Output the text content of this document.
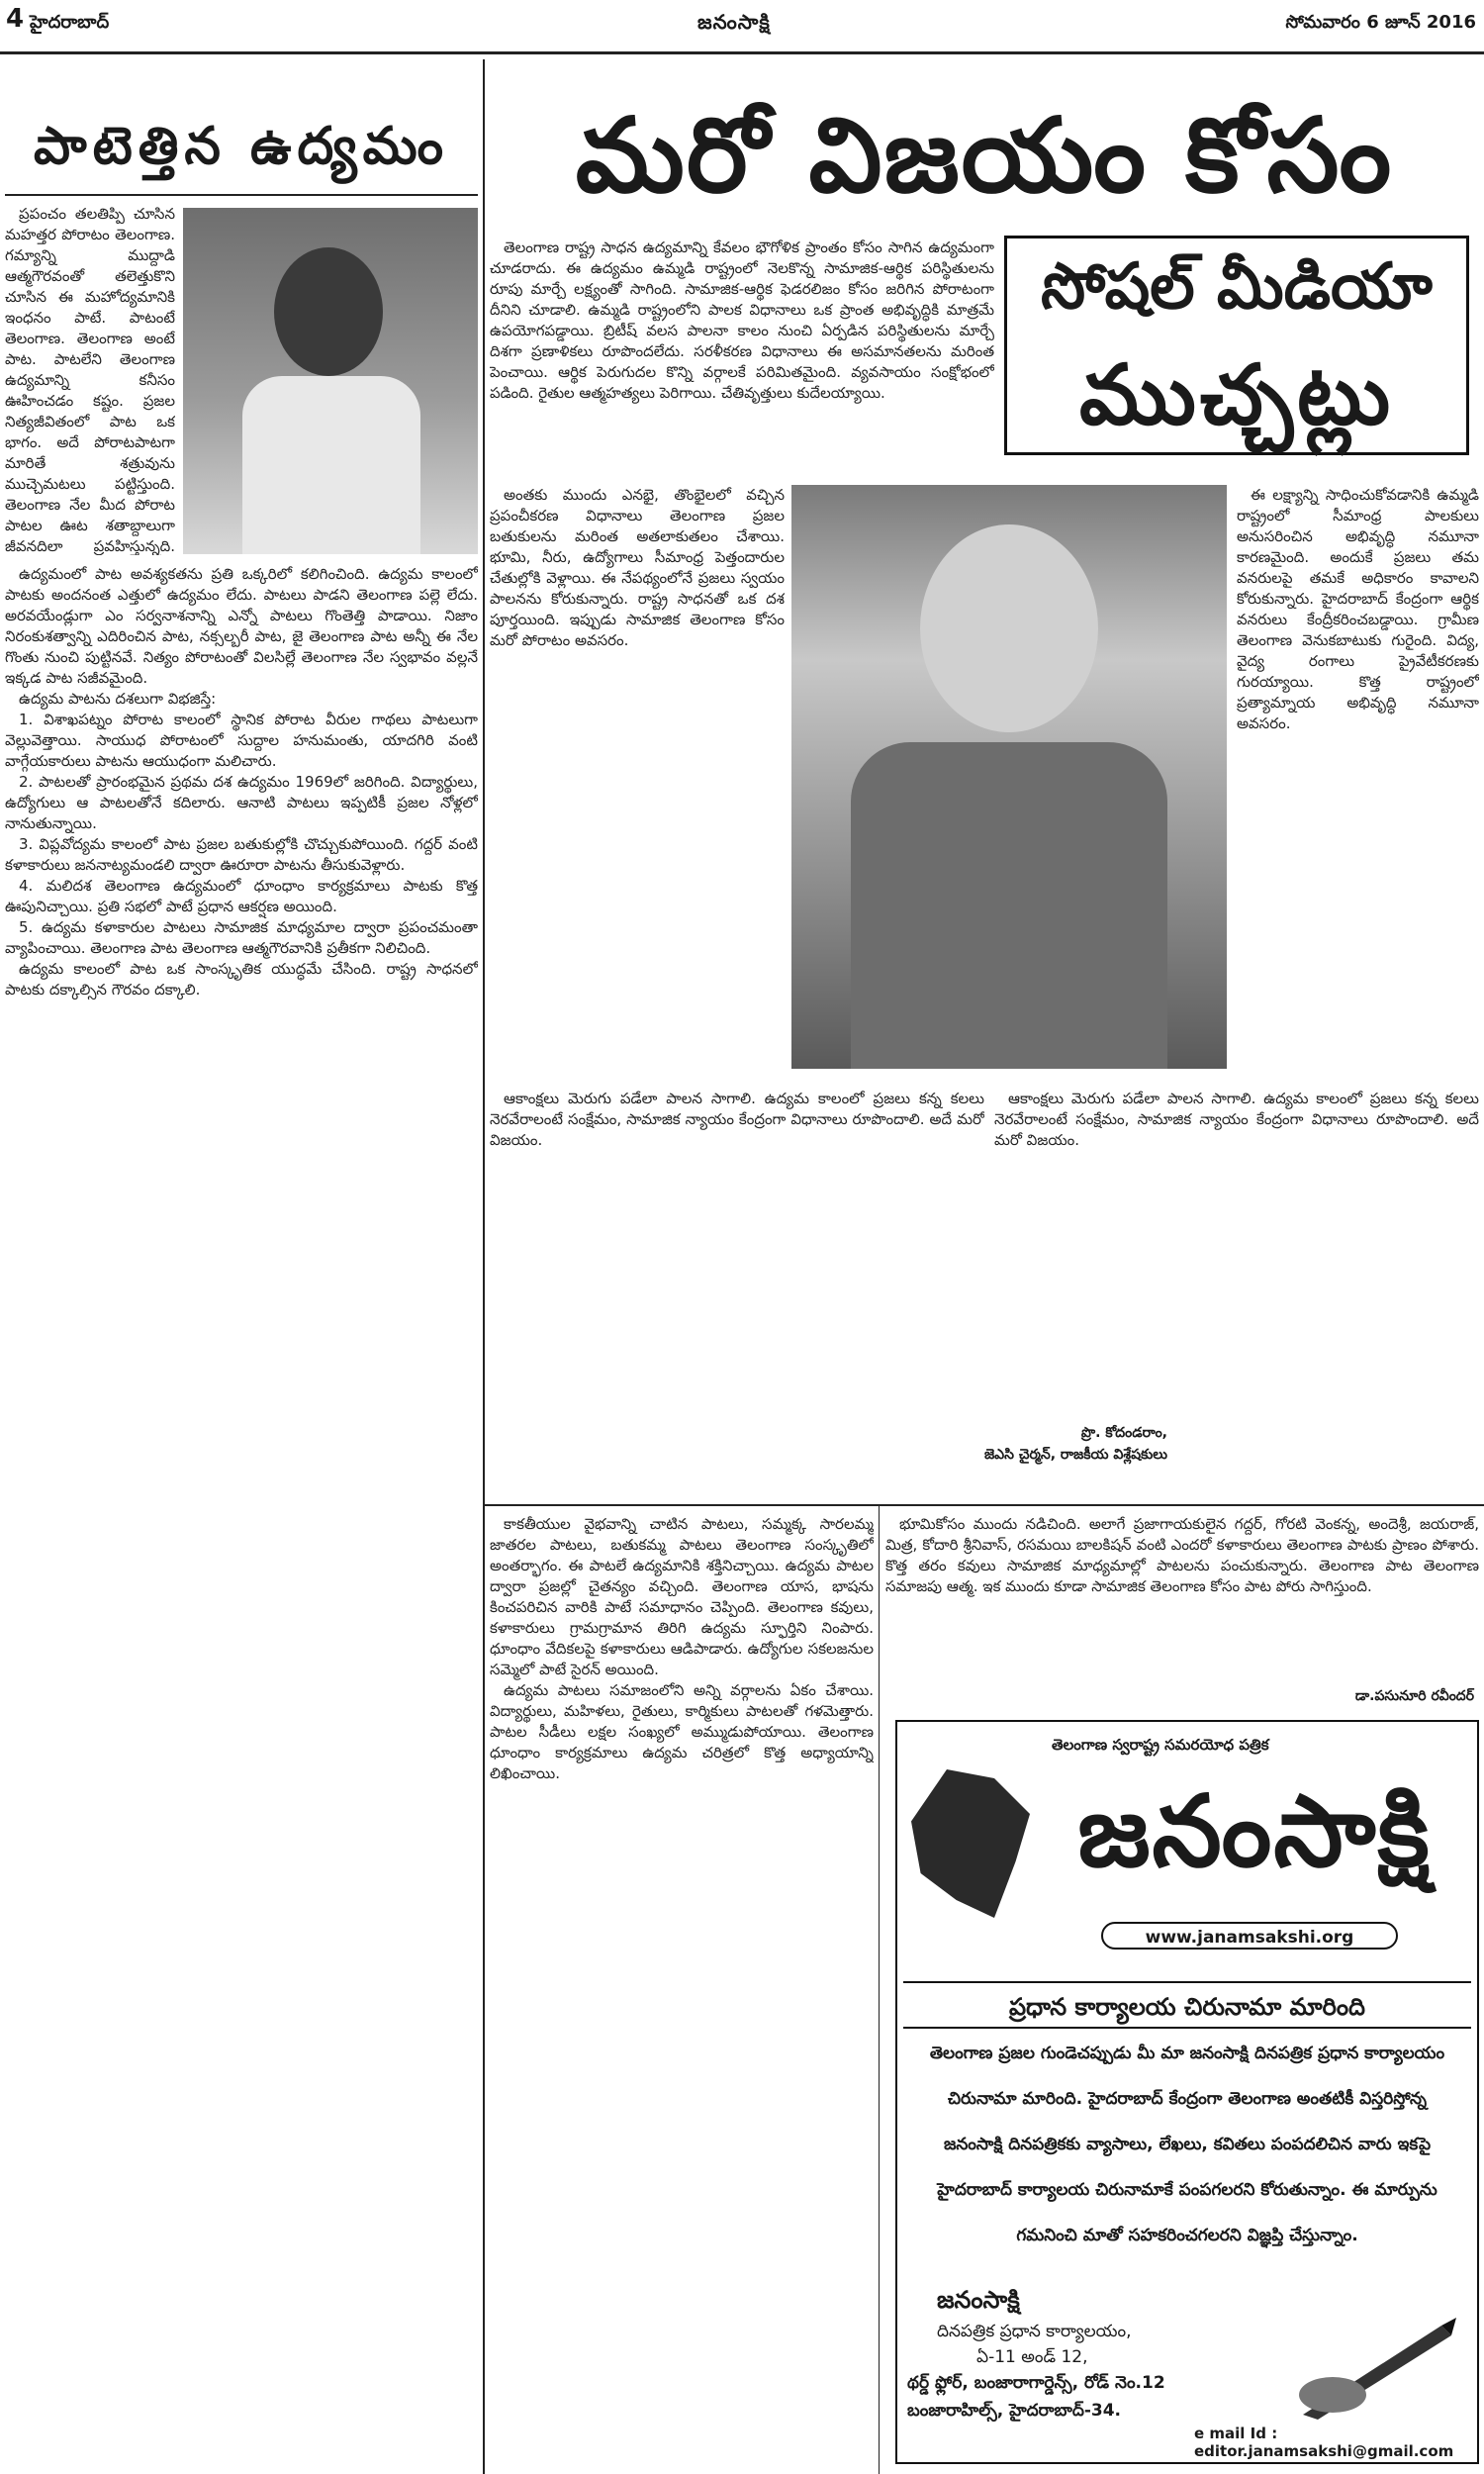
4 హైదరాబాద్	జనంసాక్షి	సోమవారం 6 జూన్ 2016
పాటెత్తిన ఉద్యమం

ప్రపంచం తలతిప్పి చూసిన మహత్తర పోరాటం తెలంగాణ. గమ్యాన్ని ముద్దాడి ఆత్మగౌరవంతో తలెత్తుకొని చూసిన ఈ మహోద్యమానికి ఇంధనం పాటే. పాటంటే తెలంగాణ. తెలంగాణ అంటే పాట. పాటలేని తెలంగాణ ఉద్యమాన్ని కనీసం ఊహించడం కష్టం. ప్రజల నిత్యజీవితంలో పాట ఒక భాగం. అదే పోరాటపాటగా మారితే శత్రువును ముచ్చెమటలు పట్టిస్తుంది. తెలంగాణ నేల మీద పోరాట పాటల ఊట శతాబ్దాలుగా జీవనదిలా ప్రవహిస్తున్నది.

ఉద్యమంలో పాట అవశ్యకతను ప్రతి ఒక్కరిలో కలిగించింది. ఉద్యమ కాలంలో పాటకు అందనంత ఎత్తులో ఉద్యమం లేదు. పాటలు పాడని తెలంగాణ పల్లె లేదు. అరవయేండ్లుగా ఎం సర్వనాశనాన్ని ఎన్నో పాటలు గొంతెత్తి పాడాయి. నిజాం నిరంకుశత్వాన్ని ఎదిరించిన పాట, నక్సల్బరీ పాట, జై తెలంగాణ పాట అన్నీ ఈ నేల గొంతు నుంచి పుట్టినవే. నిత్యం పోరాటంతో విలసిల్లే తెలంగాణ నేల స్వభావం వల్లనే ఇక్కడ పాట సజీవమైంది.

ఉద్యమ పాటను దశలుగా విభజిస్తే:

1. విశాఖపట్నం పోరాట కాలంలో స్థానిక పోరాట వీరుల గాథలు పాటలుగా వెల్లువెత్తాయి. సాయుధ పోరాటంలో సుద్దాల హనుమంతు, యాదగిరి వంటి వాగ్గేయకారులు పాటను ఆయుధంగా మలిచారు.

2. పాటలతో ప్రారంభమైన ప్రథమ దశ ఉద్యమం 1969లో జరిగింది. విద్యార్థులు, ఉద్యోగులు ఆ పాటలతోనే కదిలారు. ఆనాటి పాటలు ఇప్పటికీ ప్రజల నోళ్లలో నానుతున్నాయి.

3. విప్లవోద్యమ కాలంలో పాట ప్రజల బతుకుల్లోకి చొచ్చుకుపోయింది. గద్దర్ వంటి కళాకారులు జననాట్యమండలి ద్వారా ఊరూరా పాటను తీసుకువెళ్లారు.

4. మలిదశ తెలంగాణ ఉద్యమంలో ధూంధాం కార్యక్రమాలు పాటకు కొత్త ఊపునిచ్చాయి. ప్రతి సభలో పాటే ప్రధాన ఆకర్షణ అయింది.

5. ఉద్యమ కళాకారుల పాటలు సామాజిక మాధ్యమాల ద్వారా ప్రపంచమంతా వ్యాపించాయి. తెలంగాణ పాట తెలంగాణ ఆత్మగౌరవానికి ప్రతీకగా నిలిచింది.

ఉద్యమ కాలంలో పాట ఒక సాంస్కృతిక యుద్ధమే చేసింది. రాష్ట్ర సాధనలో పాటకు దక్కాల్సిన గౌరవం దక్కాలి.

మరో విజయం కోసం

తెలంగాణ రాష్ట్ర సాధన ఉద్యమాన్ని కేవలం భౌగోళిక ప్రాంతం కోసం సాగిన ఉద్యమంగా చూడరాదు. ఈ ఉద్యమం ఉమ్మడి రాష్ట్రంలో నెలకొన్న సామాజిక-ఆర్థిక పరిస్థితులను రూపు మార్చే లక్ష్యంతో సాగింది. సామాజిక-ఆర్థిక ఫెడరలిజం కోసం జరిగిన పోరాటంగా దీనిని చూడాలి. ఉమ్మడి రాష్ట్రంలోని పాలక విధానాలు ఒక ప్రాంత అభివృద్ధికి మాత్రమే ఉపయోగపడ్డాయి. బ్రిటీష్ వలస పాలనా కాలం నుంచి ఏర్పడిన పరిస్థితులను మార్చే దిశగా ప్రణాళికలు రూపొందలేదు. సరళీకరణ విధానాలు ఈ అసమానతలను మరింత పెంచాయి. ఆర్థిక పెరుగుదల కొన్ని వర్గాలకే పరిమితమైంది. వ్యవసాయం సంక్షోభంలో పడింది. రైతుల ఆత్మహత్యలు పెరిగాయి. చేతివృత్తులు కుదేలయ్యాయి.

సోషల్ మీడియా
ముచ్చట్లు

అంతకు ముందు ఎనభై, తొంభైలలో వచ్చిన ప్రపంచీకరణ విధానాలు తెలంగాణ ప్రజల బతుకులను మరింత అతలాకుతలం చేశాయి. భూమి, నీరు, ఉద్యోగాలు సీమాంధ్ర పెత్తందారుల చేతుల్లోకి వెళ్లాయి. ఈ నేపథ్యంలోనే ప్రజలు స్వయం పాలనను కోరుకున్నారు. రాష్ట్ర సాధనతో ఒక దశ పూర్తయింది. ఇప్పుడు సామాజిక తెలంగాణ కోసం మరో పోరాటం అవసరం.

ఈ లక్ష్యాన్ని సాధించుకోవడానికి ఉమ్మడి రాష్ట్రంలో సీమాంధ్ర పాలకులు అనుసరించిన అభివృద్ధి నమూనా కారణమైంది. అందుకే ప్రజలు తమ వనరులపై తమకే అధికారం కావాలని కోరుకున్నారు. హైదరాబాద్ కేంద్రంగా ఆర్థిక వనరులు కేంద్రీకరించబడ్డాయి. గ్రామీణ తెలంగాణ వెనుకబాటుకు గురైంది. విద్య, వైద్య రంగాలు ప్రైవేటీకరణకు గురయ్యాయి. కొత్త రాష్ట్రంలో ప్రత్యామ్నాయ అభివృద్ధి నమూనా అవసరం.

ఆకాంక్షలు మెరుగు పడేలా పాలన సాగాలి. ఉద్యమ కాలంలో ప్రజలు కన్న కలలు నెరవేరాలంటే సంక్షేమం, సామాజిక న్యాయం కేంద్రంగా విధానాలు రూపొందాలి. అదే మరో విజయం.

ఆకాంక్షలు మెరుగు పడేలా పాలన సాగాలి. ఉద్యమ కాలంలో ప్రజలు కన్న కలలు నెరవేరాలంటే సంక్షేమం, సామాజిక న్యాయం కేంద్రంగా విధానాలు రూపొందాలి. అదే మరో విజయం.

ప్రొ. కోదండరాం,
జెఎసి చైర్మన్, రాజకీయ విశ్లేషకులు

కాకతీయుల వైభవాన్ని చాటిన పాటలు, సమ్మక్క సారలమ్మ జాతరల పాటలు, బతుకమ్మ పాటలు తెలంగాణ సంస్కృతిలో అంతర్భాగం. ఈ పాటలే ఉద్యమానికి శక్తినిచ్చాయి. ఉద్యమ పాటల ద్వారా ప్రజల్లో చైతన్యం వచ్చింది. తెలంగాణ యాస, భాషను కించపరిచిన వారికి పాటే సమాధానం చెప్పింది. తెలంగాణ కవులు, కళాకారులు గ్రామగ్రామాన తిరిగి ఉద్యమ స్ఫూర్తిని నింపారు. ధూంధాం వేదికలపై కళాకారులు ఆడిపాడారు. ఉద్యోగుల సకలజనుల సమ్మెలో పాటే సైరన్ అయింది.

ఉద్యమ పాటలు సమాజంలోని అన్ని వర్గాలను ఏకం చేశాయి. విద్యార్థులు, మహిళలు, రైతులు, కార్మికులు పాటలతో గళమెత్తారు. పాటల సీడీలు లక్షల సంఖ్యలో అమ్ముడుపోయాయి. తెలంగాణ ధూంధాం కార్యక్రమాలు ఉద్యమ చరిత్రలో కొత్త అధ్యాయాన్ని లిఖించాయి.

భూమికోసం ముందు నడిచింది. అలాగే ప్రజాగాయకులైన గద్దర్, గోరటి వెంకన్న, అందెశ్రీ, జయరాజ్, మిత్ర, కోదారి శ్రీనివాస్, రసమయి బాలకిషన్ వంటి ఎందరో కళాకారులు తెలంగాణ పాటకు ప్రాణం పోశారు. కొత్త తరం కవులు సామాజిక మాధ్యమాల్లో పాటలను పంచుకున్నారు. తెలంగాణ పాట తెలంగాణ సమాజపు ఆత్మ. ఇక ముందు కూడా సామాజిక తెలంగాణ కోసం పాట పోరు సాగిస్తుంది.

డా.పసునూరి రవీందర్
తెలంగాణ స్వరాష్ట్ర సమరయోధ పత్రిక
జనంసాక్షి
www.janamsakshi.org
ప్రధాన కార్యాలయ చిరునామా మారింది
తెలంగాణ ప్రజల గుండెచప్పుడు మీ మా జనంసాక్షి దినపత్రిక ప్రధాన కార్యాలయం
చిరునామా మారింది. హైదరాబాద్ కేంద్రంగా తెలంగాణ అంతటికీ విస్తరిస్తోన్న
జనంసాక్షి దినపత్రికకు వ్యాసాలు, లేఖలు, కవితలు పంపదలిచిన వారు ఇకపై
హైదరాబాద్ కార్యాలయ చిరునామాకే పంపగలరని కోరుతున్నాం. ఈ మార్పును
గమనించి మాతో సహకరించగలరని విజ్ఞప్తి చేస్తున్నాం.
జనంసాక్షి
దినపత్రిక ప్రధాన కార్యాలయం,
ఏ-11 అండ్ 12,
థర్డ్ ఫ్లోర్, బంజారాగార్డెన్స్, రోడ్ నెం.12
బంజారాహిల్స్, హైదరాబాద్-34.
e mail Id : editor.janamsakshi@gmail.com
